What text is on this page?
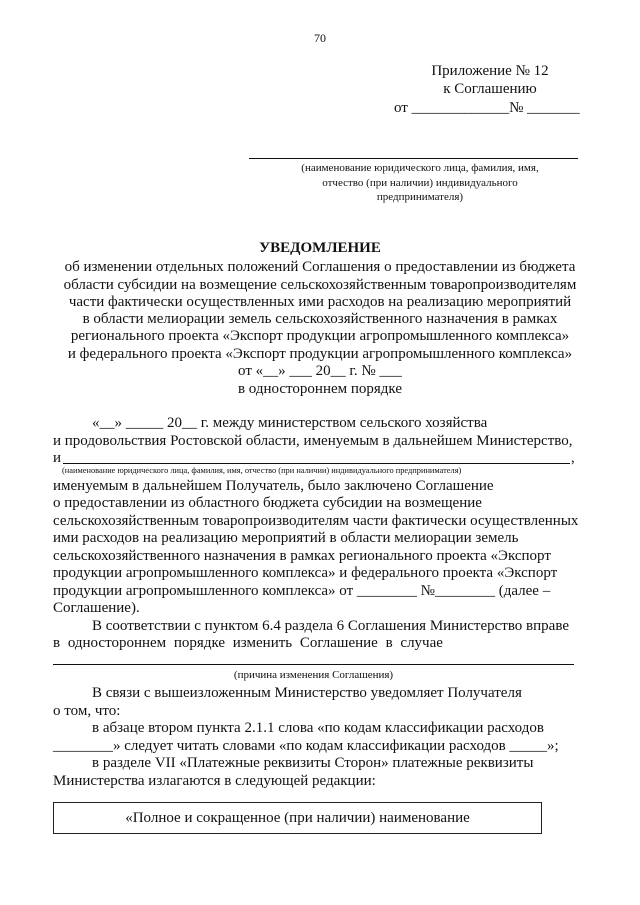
70
Приложение № 12
к Соглашению
от _____________№ _______
(наименование юридического лица, фамилия, имя,
отчество (при наличии) индивидуального
предпринимателя)
УВЕДОМЛЕНИЕ
об изменении отдельных положений Соглашения о предоставлении из бюджета
области субсидии на возмещение сельскохозяйственным товаропроизводителям
части фактически осуществленных ими расходов на реализацию мероприятий
в области мелиорации земель сельскохозяйственного назначения в рамках
регионального проекта «Экспорт продукции агропромышленного комплекса»
и федерального проекта «Экспорт продукции агропромышленного комплекса»
от «__» ___ 20__ г. № ___
в одностороннем порядке
«__» _____ 20__ г. между министерством сельского хозяйства
и продовольствия Ростовской области, именуемым в дальнейшем Министерство,
и	,
(наименование юридического лица, фамилия, имя, отчество (при наличии) индивидуального предпринимателя)
именуемым в дальнейшем Получатель, было заключено Соглашение
о предоставлении из областного бюджета субсидии на возмещение
сельскохозяйственным товаропроизводителям части фактически осуществленных
ими расходов на реализацию мероприятий в области мелиорации земель
сельскохозяйственного назначения в рамках регионального проекта «Экспорт
продукции агропромышленного комплекса» и федерального проекта «Экспорт
продукции агропромышленного комплекса» от ________ №________ (далее –
Соглашение).
В соответствии с пунктом 6.4 раздела 6 Соглашения Министерство вправе
в одностороннем порядке изменить Соглашение в случае
(причина изменения Соглашения)
В связи с вышеизложенным Министерство уведомляет Получателя
о том, что:
в абзаце втором пункта 2.1.1 слова «по кодам классификации расходов
________» следует читать словами «по кодам классификации расходов _____»;
в разделе VII «Платежные реквизиты Сторон» платежные реквизиты
Министерства излагаются в следующей редакции:
«Полное и сокращенное (при наличии) наименование
